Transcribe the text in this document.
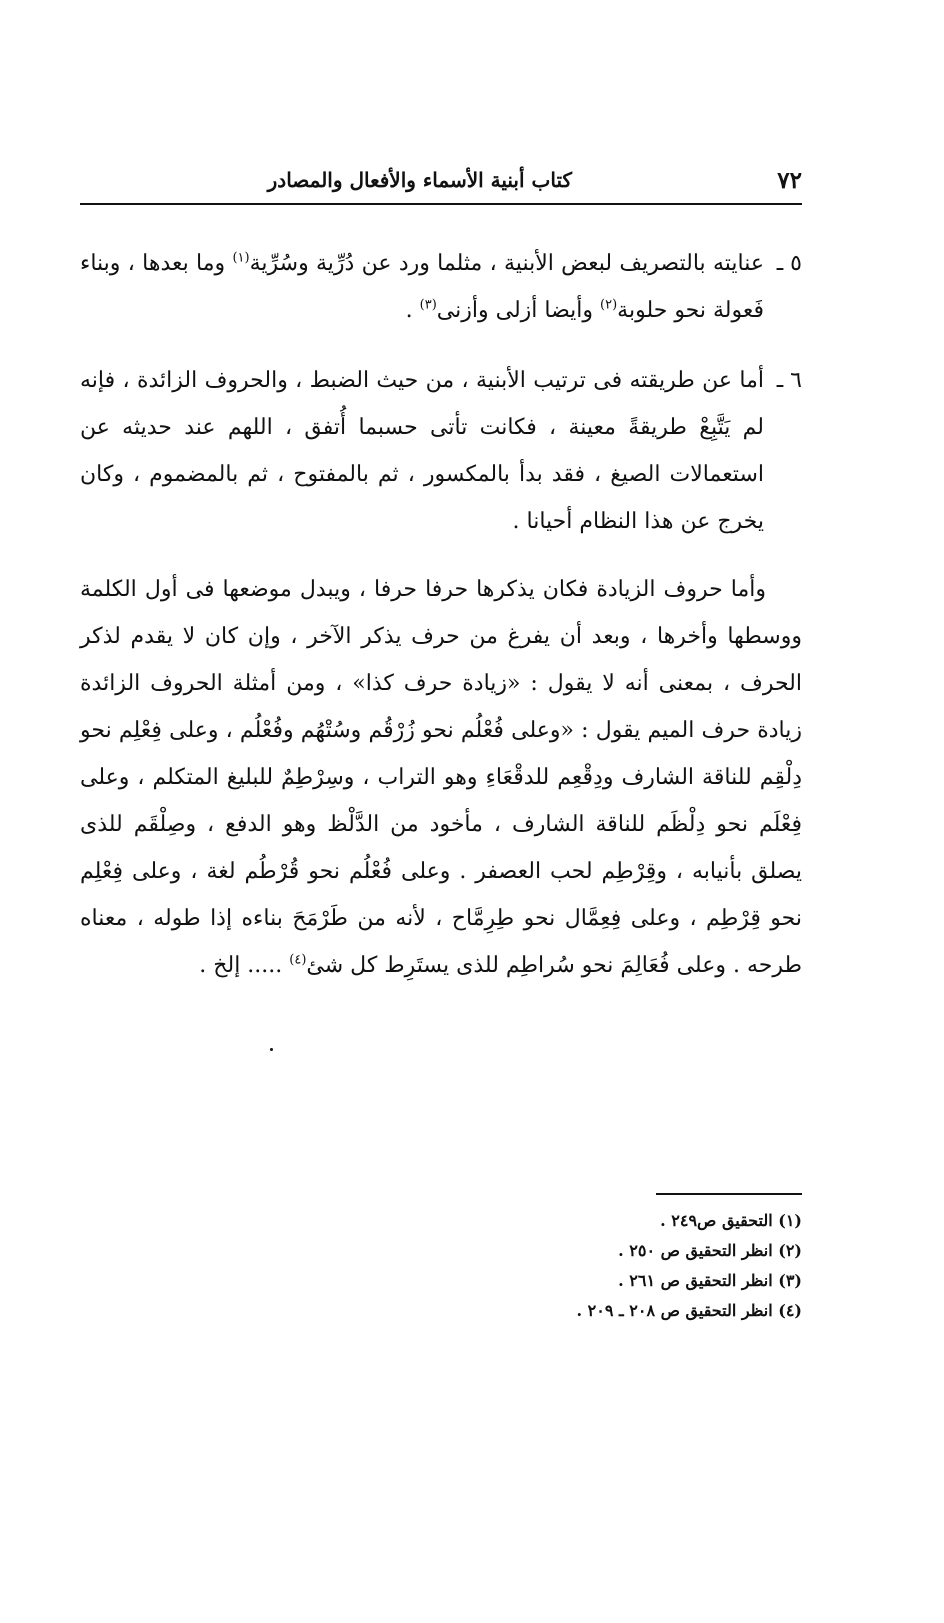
٧٢
كتاب أبنية الأسماء والأفعال والمصادر
٥ ـ
عنايته بالتصريف لبعض الأبنية ، مثلما ورد عن دُرِّية وسُرِّية$^{(١)}$ وما بعدها ، وبناء فَعولة نحو حلوبة$^{(٢)}$ وأيضا أزلى وأزنى$^{(٣)}$ .
٦ ـ
أما عن طريقته فى ترتيب الأبنية ، من حيث الضبط ، والحروف الزائدة ، فإنه لم يَتَّبِعْ طريقةً معينة ، فكانت تأتى حسبما أُتفق ، اللهم عند حديثه عن استعمالات الصيغ ، فقد بدأ بالمكسور ، ثم بالمفتوح ، ثم بالمضموم ، وكان يخرج عن هذا النظام أحيانا .
وأما حروف الزيادة فكان يذكرها حرفا حرفا ، ويبدل موضعها فى أول الكلمة ووسطها وأخرها ، وبعد أن يفرغ من حرف يذكر الآخر ، وإن كان لا يقدم لذكر الحرف ، بمعنى أنه لا يقول : «زيادة حرف كذا» ، ومن أمثلة الحروف الزائدة زيادة حرف الميم يقول : «وعلى فُعْلُم نحو زُرْقُم وسُتْهُم وفُعْلُم ، وعلى فِعْلِم نحو دِلْقِم للناقة الشارف ودِقْعِم للدقْعَاءِ وهو التراب ، وسِرْطِمٌ للبليغ المتكلم ، وعلى فِعْلَم نحو دِلْظَم للناقة الشارف ، مأخود من الدَّلْظ وهو الدفع ، وصِلْقَم للذى يصلق بأنيابه ، وقِرْطِم لحب العصفر . وعلى فُعْلُم نحو قُرْطُم لغة ، وعلى فِعْلِم نحو قِرْطِم ، وعلى فِعِمَّال نحو طِرِمَّاح ، لأنه من طَرْمَحَ بناءه إذا طوله ، معناه طرحه . وعلى فُعَالِمَ نحو سُراطِم للذى يستَرِط كل شئ$^{(٤)}$ ..... إلخ .
(١) التحقيق ص٢٤٩ .
(٢) انظر التحقيق ص ٢٥٠ .
(٣) انظر التحقيق ص ٢٦١ .
(٤) انظر التحقيق ص ٢٠٨ ـ ٢٠٩ .
